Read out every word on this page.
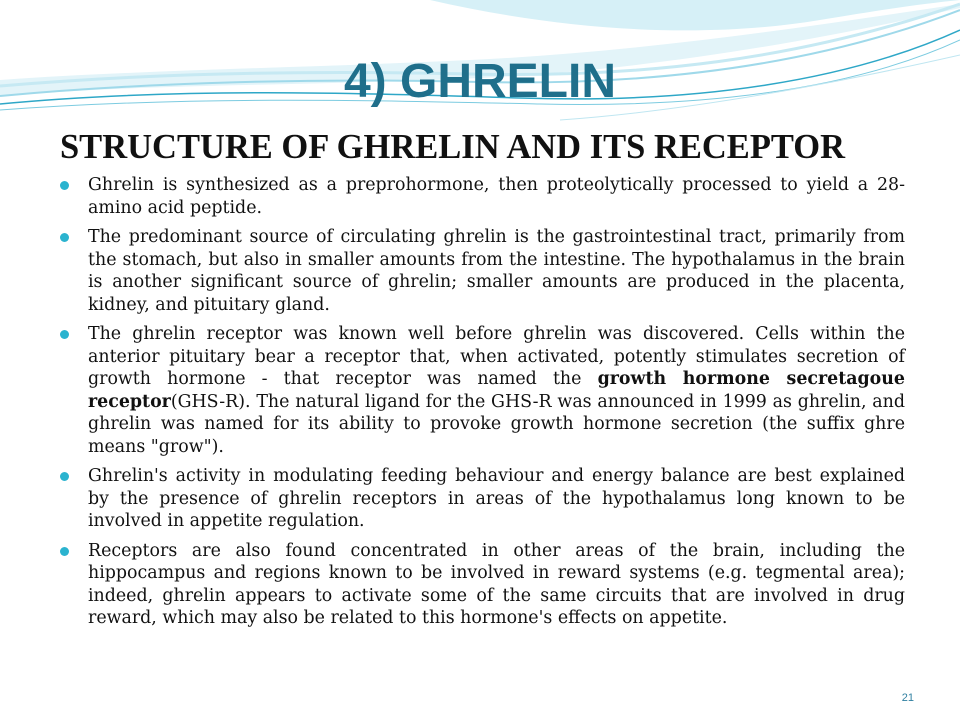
4) GHRELIN
STRUCTURE OF GHRELIN AND ITS RECEPTOR
Ghrelin is synthesized as a preprohormone, then proteolytically processed to yield a 28-amino acid peptide.
The predominant source of circulating ghrelin is the gastrointestinal tract, primarily from the stomach, but also in smaller amounts from the intestine. The hypothalamus in the brain is another significant source of ghrelin; smaller amounts are produced in the placenta, kidney, and pituitary gland.
The ghrelin receptor was known well before ghrelin was discovered. Cells within the anterior pituitary bear a receptor that, when activated, potently stimulates secretion of growth hormone - that receptor was named the growth hormone secretagoue receptor(GHS-R). The natural ligand for the GHS-R was announced in 1999 as ghrelin, and ghrelin was named for its ability to provoke growth hormone secretion (the suffix ghre means "grow").
Ghrelin's activity in modulating feeding behaviour and energy balance are best explained by the presence of ghrelin receptors in areas of the hypothalamus long known to be involved in appetite regulation.
Receptors are also found concentrated in other areas of the brain, including the hippocampus and regions known to be involved in reward systems (e.g. tegmental area); indeed, ghrelin appears to activate some of the same circuits that are involved in drug reward, which may also be related to this hormone's effects on appetite.
21
